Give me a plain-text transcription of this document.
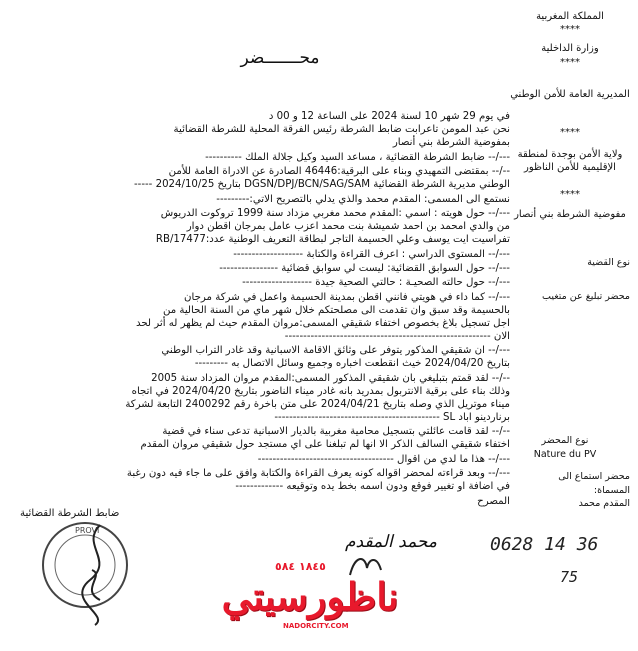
المملكة المغربية
****
وزارة الداخلية
****
المديرية العامة للأمن الوطني
****
ولاية الأمن بوجدة لمنطقة الإقليمية للأمن الناظور
****
مفوضية الشرطة بني أنصار
محـــــــضر
نوع القضية
محضر تبليغ عن متغيب
نوع المحضر
Nature du PV
محضر استماع الى
المسماة:
المقدم محمد
في يوم 29 شهر 10 لسنة 2024 على الساعة 12 و 00 د
نحن عبد المومن تاعرابت ضابط الشرطة رئيس الفرقة المحلية للشرطة القضائية
بمفوضية الشرطة بني أنصار
---/-- ضابط الشرطة القضائية ، مساعد السيد وكيل جلالة الملك ----------
--/-- بمقتضى التمهيدي وبناء على البرقية:46446 الصادرة عن الادراة العامة للأمن
الوطني مديرية الشرطة القضائية DGSN/DPJ/BCN/SAG/SAM بتاريخ 2024/10/25 -----
نستمع الى المسمى: المقدم محمد والذي يدلي بالتصريح الاتي:---------
---/-- حول هويته : اسمي :المقدم محمد مغربي مزداد سنة 1999 تروكوت الدريوش
من والدي امحمد بن احمد شميشة بنت محمد اعزب عامل بمرجان اقطن دوار
تفراسيت ايت يوسف وعلي الحسيمة التاجر لبطاقة التعريف الوطنية عدد:RB/17477
---/-- المستوى الدراسي : اعرف القراءة والكتابة -------------------
---/-- حول السوابق القضائية: ليست لي سوابق قضائية ----------------
---/-- حول حالته الصحيـة : حالتي الصحية جيدة -------------------
---/-- كما داء في هويتي فانني اقطن بمدينة الحسيمة واعمل في شركة مرجان
بالحسيمة وقد سبق وان تقدمت الى مصلحتكم خلال شهر ماي من السنة الحالية من
اجل تسجيل بلاغ بخصوص اختفاء شقيقي المسمى:مروان المقدم حيث لم يظهر له أثر لحد
الان --------------------------------------------------------
---/-- ان شقيقي المذكور يتوفر على وثائق الاقامة الاسبانية وقد غادر التراب الوطني
بتاريخ 2024/04/20 خيث انقطعت اخباره وجميع وسائل الاتصال به ---------
--/-- لقد قمتم بتبليغي بان شقيقي المذكور المسمى:المقدم مروان المزداد سنة 2005
وذلك بناء على برقية الانتربول بمدريد بانه غادر ميناء الناضور بتاريخ 2024/04/20 في اتجاه
ميناء موتريل الذي وصله بتاريخ 2024/04/21 على متن باخرة رقم 2400292 التابعة لشركة
برناردينو اباد SL ---------------------------------------------
--/-- لقد قامت عائلتي بتسجيل محامية مغربية بالديار الاسبانية تدعى سناء في قضية
اختفاء شقيقي السالف الذكر الا انها لم تبلغنا على اي مستجد حول شقيقي مروان المقدم
---/-- هذا ما لدي من اقوال -------------------------------------
---/-- وبعد قراءته لمحضر اقواله كونه يعرف القراءة والكتابة وافق على ما جاء فيه دون رغبة
في اضافة او تغيير فوقع ودون اسمه بخط يده وتوقيعه -------------
المصرح
ضابط الشرطة القضائية
0628 14 36
75
محمد المقدم
PROVI
١٨٤٥ ٥٨٤
ناظورسيتي
NADORCITY.COM
